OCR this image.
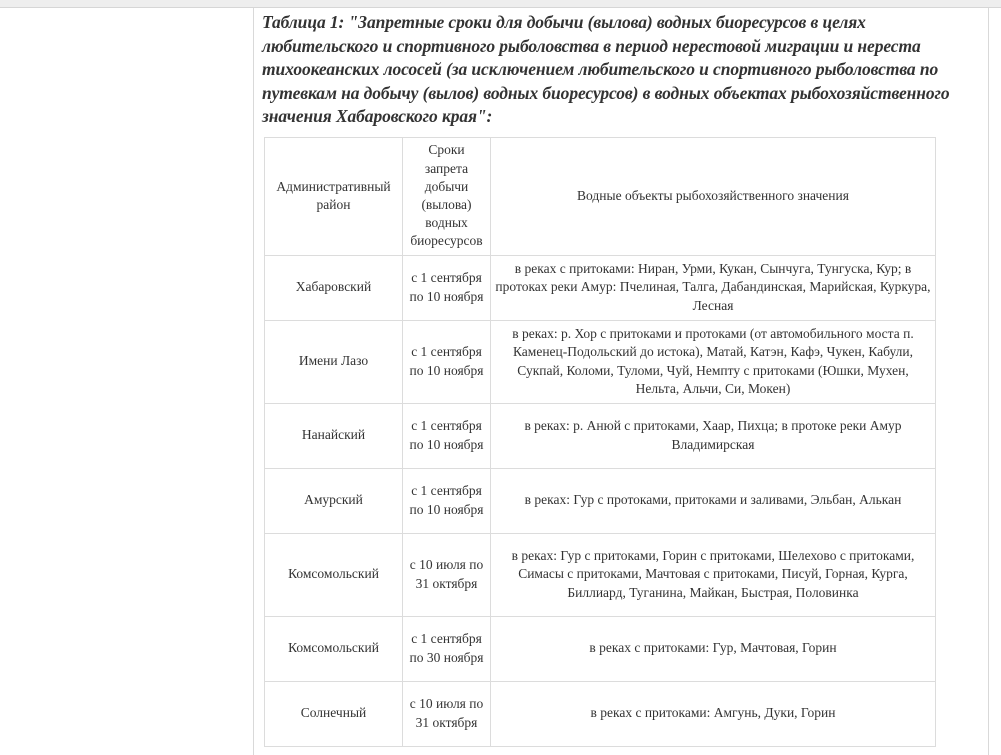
Таблица 1: "Запретные сроки для добычи (вылова) водных биоресурсов в целях любительского и спортивного рыболовства в период нерестовой миграции и нереста тихоокеанских лососей (за исключением любительского и спортивного рыболовства по путевкам на добычу (вылов) водных биоресурсов) в водных объектах рыбохозяйственного значения Хабаровского края":

Административный район	Сроки запрета добычи (вылова) водных биоресурсов	Водные объекты рыбохозяйственного значения
Хабаровский	с 1 сентября по 10 ноября	в реках с притоками: Ниран, Урми, Кукан, Сынчуга, Тунгуска, Кур; в протоках реки Амур: Пчелиная, Талга, Дабандинская, Марийская, Куркура, Лесная
Имени Лазо	с 1 сентября по 10 ноября	в реках: р. Хор с притоками и протоками (от автомобильного моста п. Каменец-Подольский до истока), Матай, Катэн, Кафэ, Чукен, Кабули, Сукпай, Коломи, Туломи, Чуй, Немпту с притоками (Юшки, Мухен, Нельта, Альчи, Си, Мокен)
Нанайский	с 1 сентября по 10 ноября	в реках: р. Анюй с притоками, Хаар, Пихца; в протоке реки Амур Владимирская
Амурский	с 1 сентября по 10 ноября	в реках: Гур с протоками, притоками и заливами, Эльбан, Алькан
Комсомольский	с 10 июля по 31 октября	в реках: Гур с притоками, Горин с притоками, Шелехово с притоками, Симасы с притоками, Мачтовая с притоками, Писуй, Горная, Курга, Биллиард, Туганина, Майкан, Быстрая, Половинка
Комсомольский	с 1 сентября по 30 ноября	в реках с притоками: Гур, Мачтовая, Горин
Солнечный	с 10 июля по 31 октября	в реках с притоками: Амгунь, Дуки, Горин
